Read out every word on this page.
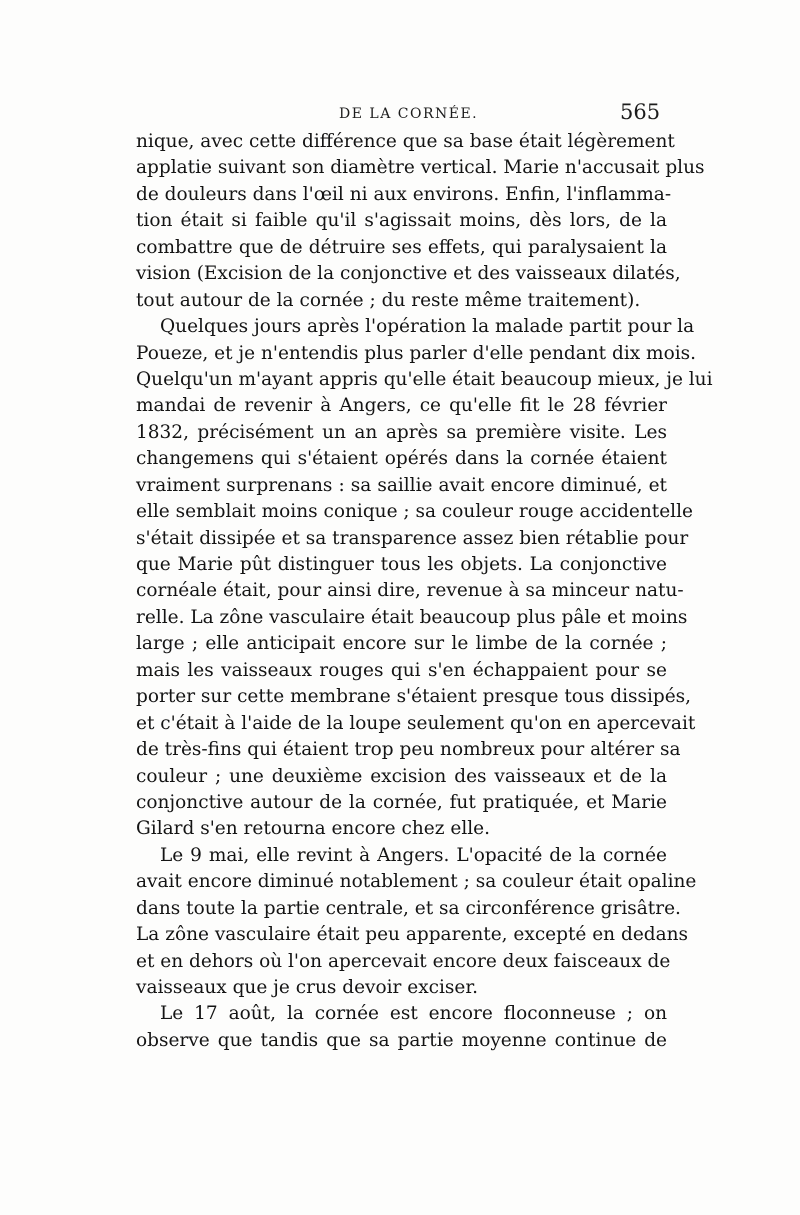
DE LA CORNÉE.	565
nique, avec cette différence que sa base était légèrement
applatie suivant son diamètre vertical. Marie n'accusait plus
de douleurs dans l'œil ni aux environs. Enfin, l'inflamma-
tion était si faible qu'il s'agissait moins, dès lors, de la
combattre que de détruire ses effets, qui paralysaient la
vision (Excision de la conjonctive et des vaisseaux dilatés,
tout autour de la cornée ; du reste même traitement).
Quelques jours après l'opération la malade partit pour la
Poueze, et je n'entendis plus parler d'elle pendant dix mois.
Quelqu'un m'ayant appris qu'elle était beaucoup mieux, je lui
mandai de revenir à Angers, ce qu'elle fit le 28 février
1832, précisément un an après sa première visite. Les
changemens qui s'étaient opérés dans la cornée étaient
vraiment surprenans : sa saillie avait encore diminué, et
elle semblait moins conique ; sa couleur rouge accidentelle
s'était dissipée et sa transparence assez bien rétablie pour
que Marie pût distinguer tous les objets. La conjonctive
cornéale était, pour ainsi dire, revenue à sa minceur natu-
relle. La zône vasculaire était beaucoup plus pâle et moins
large ; elle anticipait encore sur le limbe de la cornée ;
mais les vaisseaux rouges qui s'en échappaient pour se
porter sur cette membrane s'étaient presque tous dissipés,
et c'était à l'aide de la loupe seulement qu'on en apercevait
de très-fins qui étaient trop peu nombreux pour altérer sa
couleur ; une deuxième excision des vaisseaux et de la
conjonctive autour de la cornée, fut pratiquée, et Marie
Gilard s'en retourna encore chez elle.
Le 9 mai, elle revint à Angers. L'opacité de la cornée
avait encore diminué notablement ; sa couleur était opaline
dans toute la partie centrale, et sa circonférence grisâtre.
La zône vasculaire était peu apparente, excepté en dedans
et en dehors où l'on apercevait encore deux faisceaux de
vaisseaux que je crus devoir exciser.
Le 17 août, la cornée est encore floconneuse ; on
observe que tandis que sa partie moyenne continue de
